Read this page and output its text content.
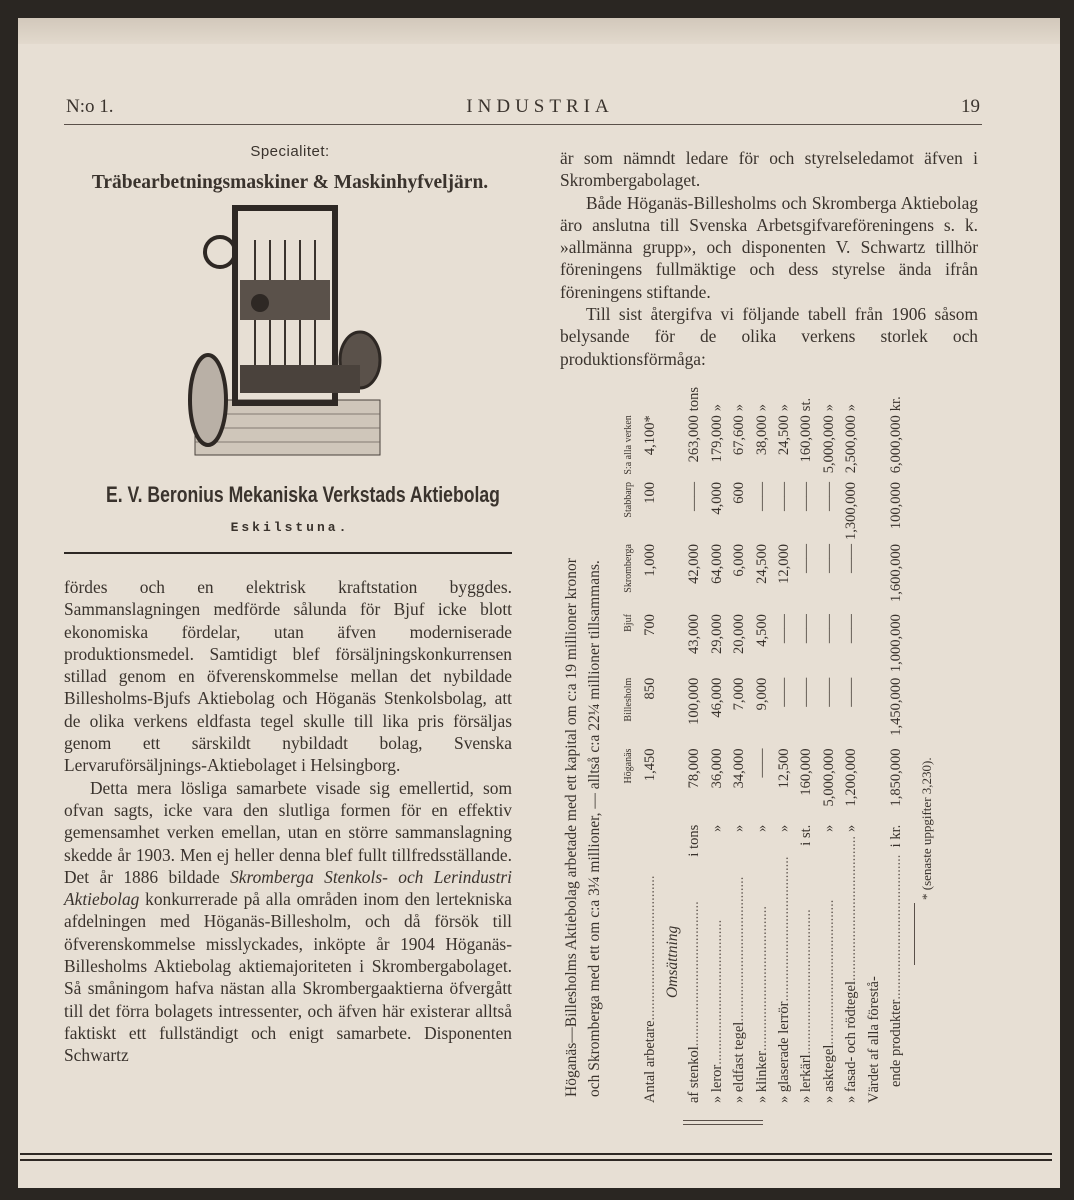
N:o 1.	INDUSTRIA	19
Specialitet:
Träbearbetningsmaskiner & Maskinhyfveljärn.
E. V. Beronius Mekaniska Verkstads Aktiebolag
Eskilstuna.

fördes och en elektrisk kraftstation byggdes. Sammanslagningen medförde sålunda för Bjuf icke blott ekonomiska fördelar, utan äfven moderniserade produktionsmedel. Samtidigt blef försäljningskonkurrensen stillad genom en öfverenskommelse mellan det nybildade Billesholms-Bjufs Aktiebolag och Höganäs Stenkolsbolag, att de olika verkens eldfasta tegel skulle till lika pris försäljas genom ett särskildt nybildadt bolag, Svenska Lervaruförsäljnings-Aktiebolaget i Helsingborg.

Detta mera lösliga samarbete visade sig emellertid, som ofvan sagts, icke vara den slutliga formen för en effektiv gemensamhet verken emellan, utan en större sammanslagning skedde år 1903. Men ej heller denna blef fullt tillfredsställande. Det år 1886 bildade Skromberga Stenkols- och Lerindustri Aktiebolag konkurrerade på alla områden inom den lertekniska afdelningen med Höganäs-Billesholm, och då försök till öfverenskommelse misslyckades, inköpte år 1904 Höganäs-Billesholms Aktiebolag aktiemajoriteten i Skrombergabolaget. Så småningom hafva nästan alla Skrombergaaktierna öfvergått till det förra bolagets intressenter, och äfven här existerar alltså faktiskt ett fullständigt och enigt samarbete. Disponenten Schwartz

är som nämndt ledare för och styrelseledamot äfven i Skrombergabolaget.

Både Höganäs-Billesholms och Skromberga Aktiebolag äro anslutna till Svenska Arbetsgifvareföreningens s. k. »allmänna grupp», och disponenten V. Schwartz tillhör föreningens fullmäktige och dess styrelse ända ifrån föreningens stiftande.

Till sist återgifva vi följande tabell från 1906 såsom belysande för de olika verkens storlek och produktionsförmåga:

Höganäs—Billesholms Aktiebolag arbetade med ett kapital om c:a 19 millioner kronor och Skromberga med ett om c:a 3¼ millioner, — alltså c:a 22¼ millioner tillsammans.
	Höganäs	Billesholm	Bjuf	Skromberga	Stabbarp	S:a alla verken	

Antal arbetare
........................................	1,450	850	700	1,000	100	4,100*	
Omsättning							

af stenkol
........................................
i tons	78,000	100,000	43,000	42,000	——	263,000	tons

» leror
........................................
»	36,000	46,000	29,000	64,000	4,000	179,000	»

» eldfast tegel
........................................
»	34,000	7,000	20,000	6,000	600	67,600	»

» klinker
........................................
»	——	9,000	4,500	24,500	——	38,000	»

» glaserade lerrör
........................................
»	12,500	——	——	12,000	——	24,500	»

» lerkärl
........................................
i st.	160,000	——	——	——	——	160,000	st.

» asktegel
........................................
»	5,000,000	——	——	——	——	5,000,000	»

» fasad- och rödtegel
........................................
»	1,200,000	——	——	——	1,300,000	2,500,000	»

Värdet af alla förestå-							

ende produkter
........................................
i kr.	1,850,000	1,450,000	1,000,000	1,600,000	100,000	6,000,000	kr.
* (senaste uppgifter 3,230).
